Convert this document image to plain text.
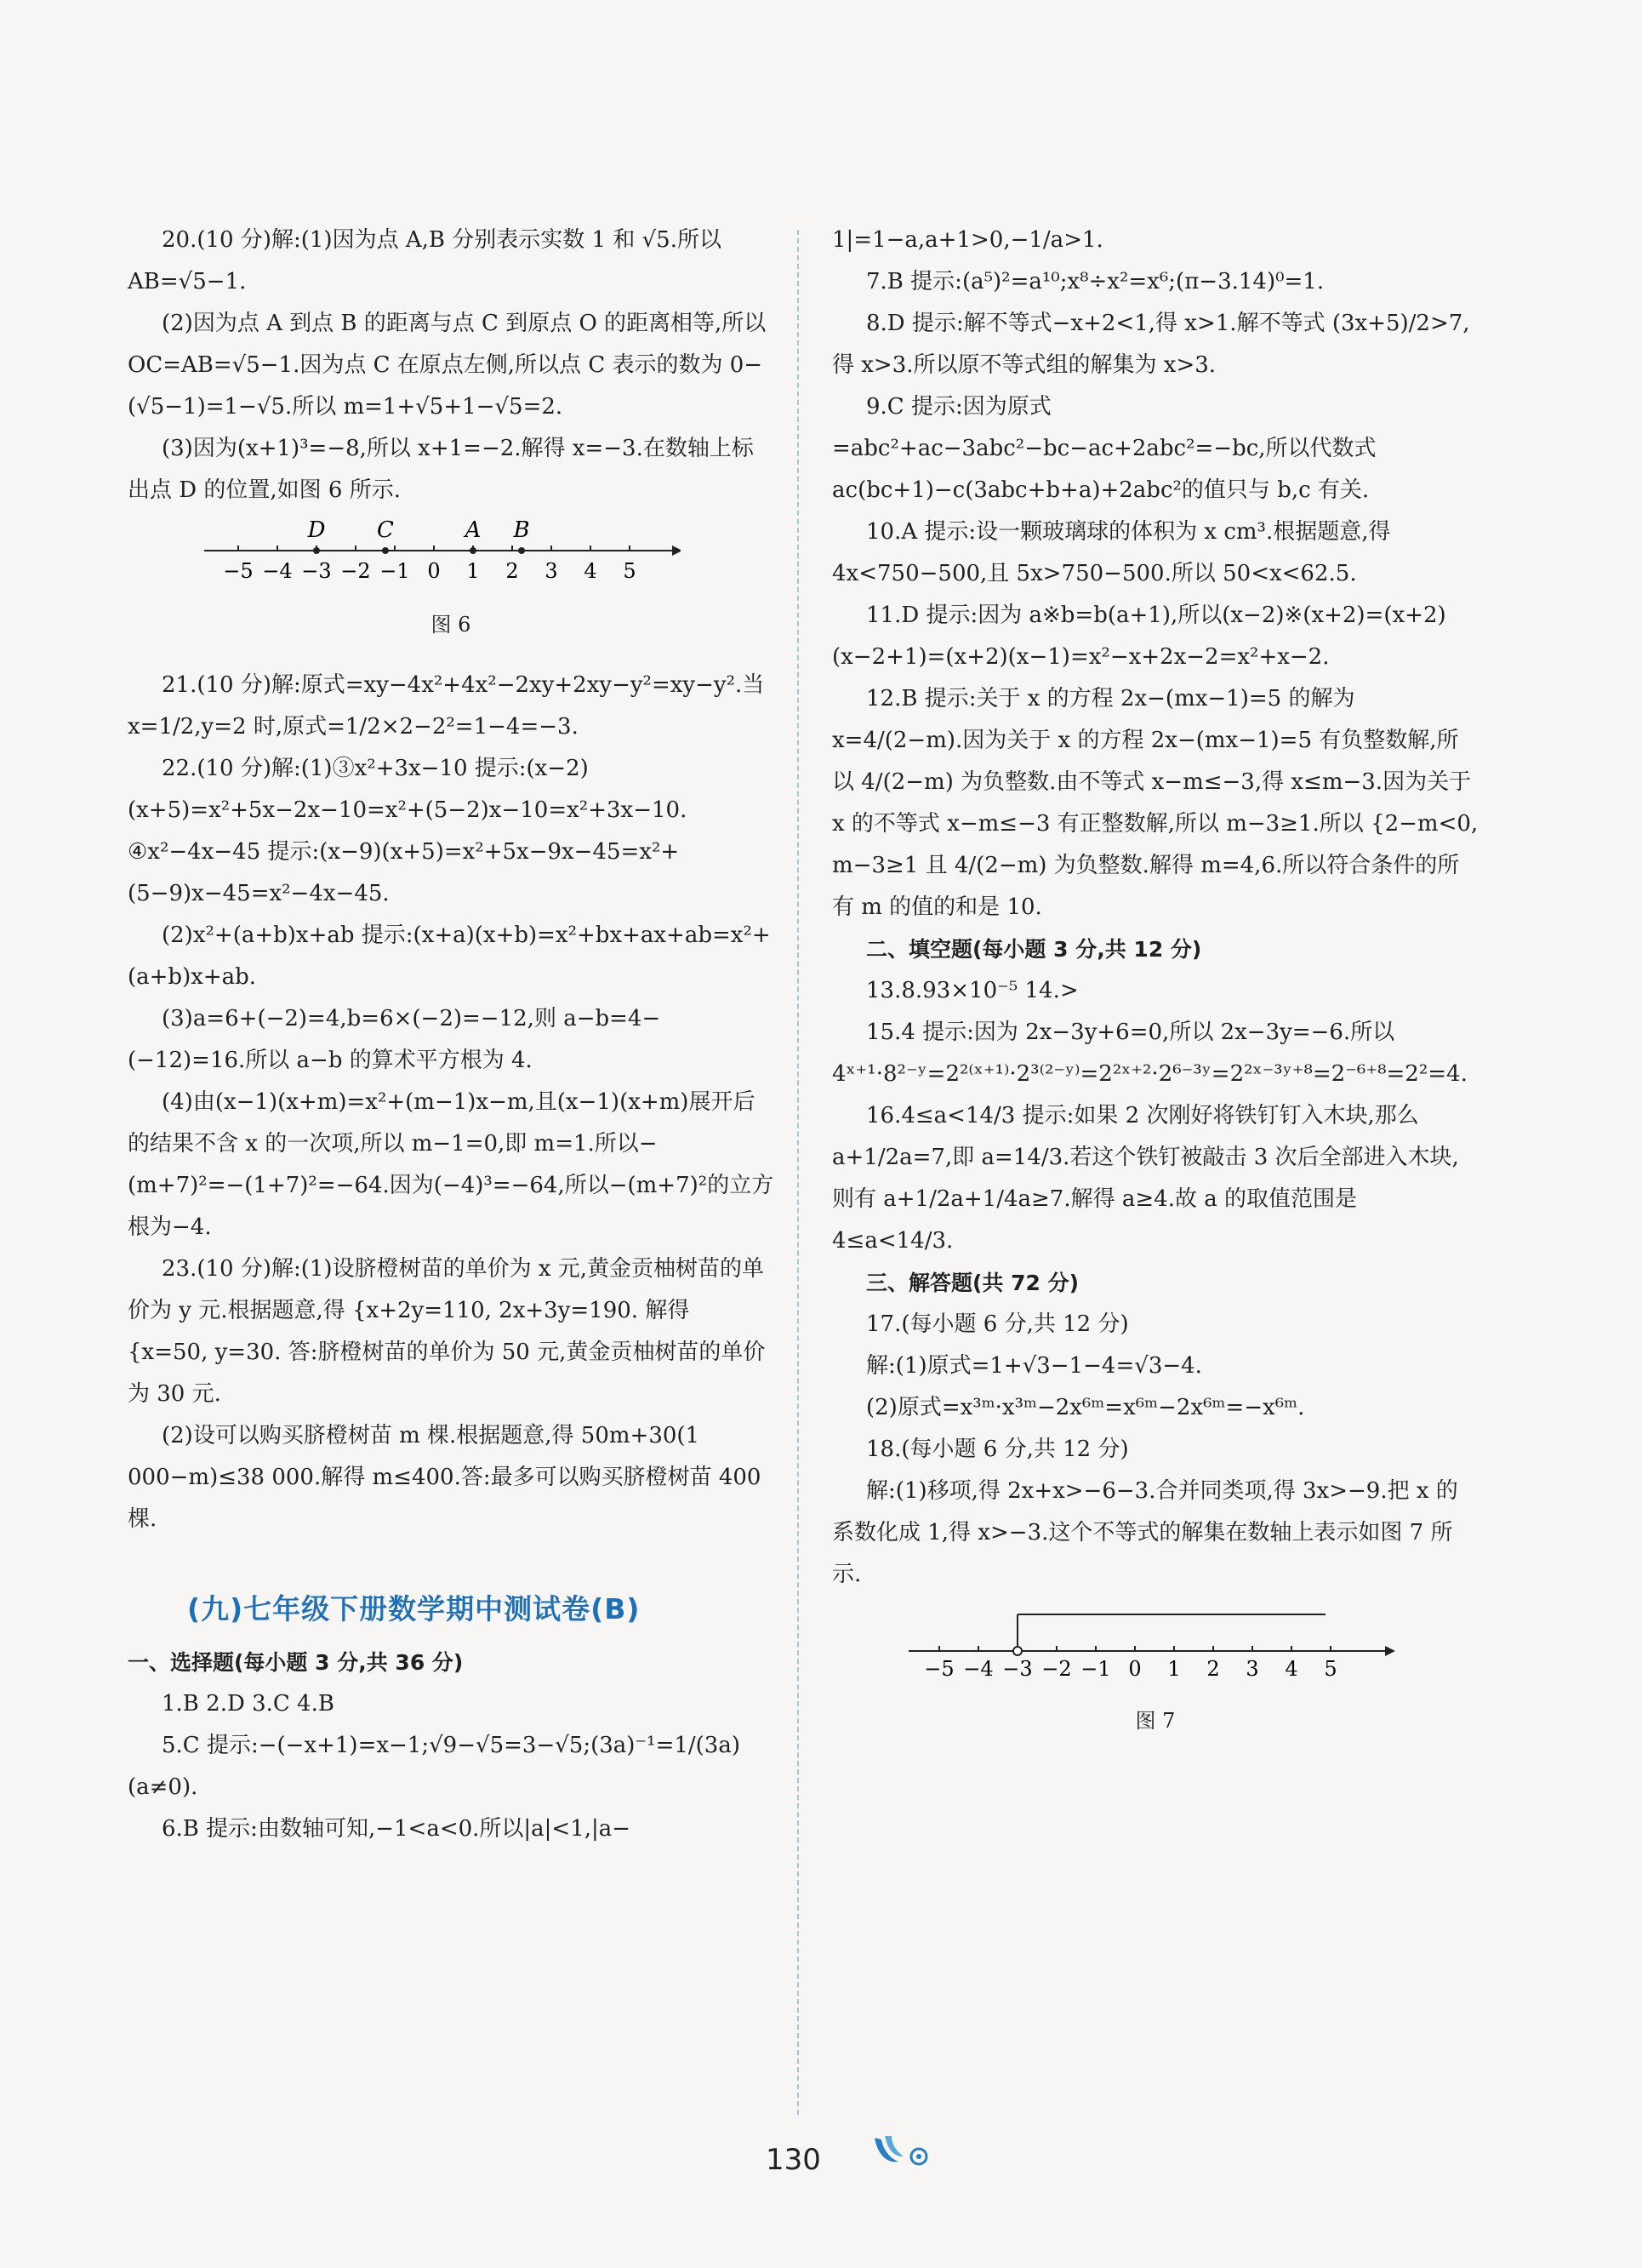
20.(10 分)解:(1)因为点 A,B 分别表示实数 1 和 √5.所以 AB=√5−1.

(2)因为点 A 到点 B 的距离与点 C 到原点 O 的距离相等,所以 OC=AB=√5−1.因为点 C 在原点左侧,所以点 C 表示的数为 0−(√5−1)=1−√5.所以 m=1+√5+1−√5=2.

(3)因为(x+1)³=−8,所以 x+1=−2.解得 x=−3.在数轴上标出点 D 的位置,如图 6 所示.

−5 −4 −3 −2 −1 0 1 2 3 4 5
D C	A B
图 6

21.(10 分)解:原式=xy−4x²+4x²−2xy+2xy−y²=xy−y².当 x=1/2,y=2 时,原式=1/2×2−2²=1−4=−3.

22.(10 分)解:(1)③x²+3x−10 提示:(x−2)(x+5)=x²+5x−2x−10=x²+(5−2)x−10=x²+3x−10.

④x²−4x−45 提示:(x−9)(x+5)=x²+5x−9x−45=x²+(5−9)x−45=x²−4x−45.

(2)x²+(a+b)x+ab 提示:(x+a)(x+b)=x²+bx+ax+ab=x²+(a+b)x+ab.

(3)a=6+(−2)=4,b=6×(−2)=−12,则 a−b=4−(−12)=16.所以 a−b 的算术平方根为 4.

(4)由(x−1)(x+m)=x²+(m−1)x−m,且(x−1)(x+m)展开后的结果不含 x 的一次项,所以 m−1=0,即 m=1.所以−(m+7)²=−(1+7)²=−64.因为(−4)³=−64,所以−(m+7)²的立方根为−4.

23.(10 分)解:(1)设脐橙树苗的单价为 x 元,黄金贡柚树苗的单价为 y 元.根据题意,得 {x+2y=110, 2x+3y=190. 解得 {x=50, y=30. 答:脐橙树苗的单价为 50 元,黄金贡柚树苗的单价为 30 元.

(2)设可以购买脐橙树苗 m 棵.根据题意,得 50m+30(1 000−m)≤38 000.解得 m≤400.答:最多可以购买脐橙树苗 400 棵.

(九)七年级下册数学期中测试卷(B)

一、选择题(每小题 3 分,共 36 分)

1.B 2.D 3.C 4.B

5.C 提示:−(−x+1)=x−1;√9−√5=3−√5;(3a)⁻¹=1/(3a)(a≠0).

6.B 提示:由数轴可知,−1<a<0.所以|a|<1,|a−

1|=1−a,a+1>0,−1/a>1.

7.B 提示:(a⁵)²=a¹⁰;x⁸÷x²=x⁶;(π−3.14)⁰=1.

8.D 提示:解不等式−x+2<1,得 x>1.解不等式 (3x+5)/2>7,得 x>3.所以原不等式组的解集为 x>3.

9.C 提示:因为原式=abc²+ac−3abc²−bc−ac+2abc²=−bc,所以代数式 ac(bc+1)−c(3abc+b+a)+2abc²的值只与 b,c 有关.

10.A 提示:设一颗玻璃球的体积为 x cm³.根据题意,得 4x<750−500,且 5x>750−500.所以 50<x<62.5.

11.D 提示:因为 a※b=b(a+1),所以(x−2)※(x+2)=(x+2)(x−2+1)=(x+2)(x−1)=x²−x+2x−2=x²+x−2.

12.B 提示:关于 x 的方程 2x−(mx−1)=5 的解为 x=4/(2−m).因为关于 x 的方程 2x−(mx−1)=5 有负整数解,所以 4/(2−m) 为负整数.由不等式 x−m≤−3,得 x≤m−3.因为关于 x 的不等式 x−m≤−3 有正整数解,所以 m−3≥1.所以 {2−m<0, m−3≥1 且 4/(2−m) 为负整数.解得 m=4,6.所以符合条件的所有 m 的值的和是 10.

二、填空题(每小题 3 分,共 12 分)

13.8.93×10⁻⁵ 14.>

15.4 提示:因为 2x−3y+6=0,所以 2x−3y=−6.所以 4ˣ⁺¹·8²⁻ʸ=2²⁽ˣ⁺¹⁾·2³⁽²⁻ʸ⁾=2²ˣ⁺²·2⁶⁻³ʸ=2²ˣ⁻³ʸ⁺⁸=2⁻⁶⁺⁸=2²=4.

16.4≤a<14/3 提示:如果 2 次刚好将铁钉钉入木块,那么 a+1/2a=7,即 a=14/3.若这个铁钉被敲击 3 次后全部进入木块,则有 a+1/2a+1/4a≥7.解得 a≥4.故 a 的取值范围是 4≤a<14/3.

三、解答题(共 72 分)

17.(每小题 6 分,共 12 分)

解:(1)原式=1+√3−1−4=√3−4.

(2)原式=x³ᵐ·x³ᵐ−2x⁶ᵐ=x⁶ᵐ−2x⁶ᵐ=−x⁶ᵐ.

18.(每小题 6 分,共 12 分)

解:(1)移项,得 2x+x>−6−3.合并同类项,得 3x>−9.把 x 的系数化成 1,得 x>−3.这个不等式的解集在数轴上表示如图 7 所示.

−5 −4 −3 −2 −1 0 1 2 3 4 5
图 7
130
